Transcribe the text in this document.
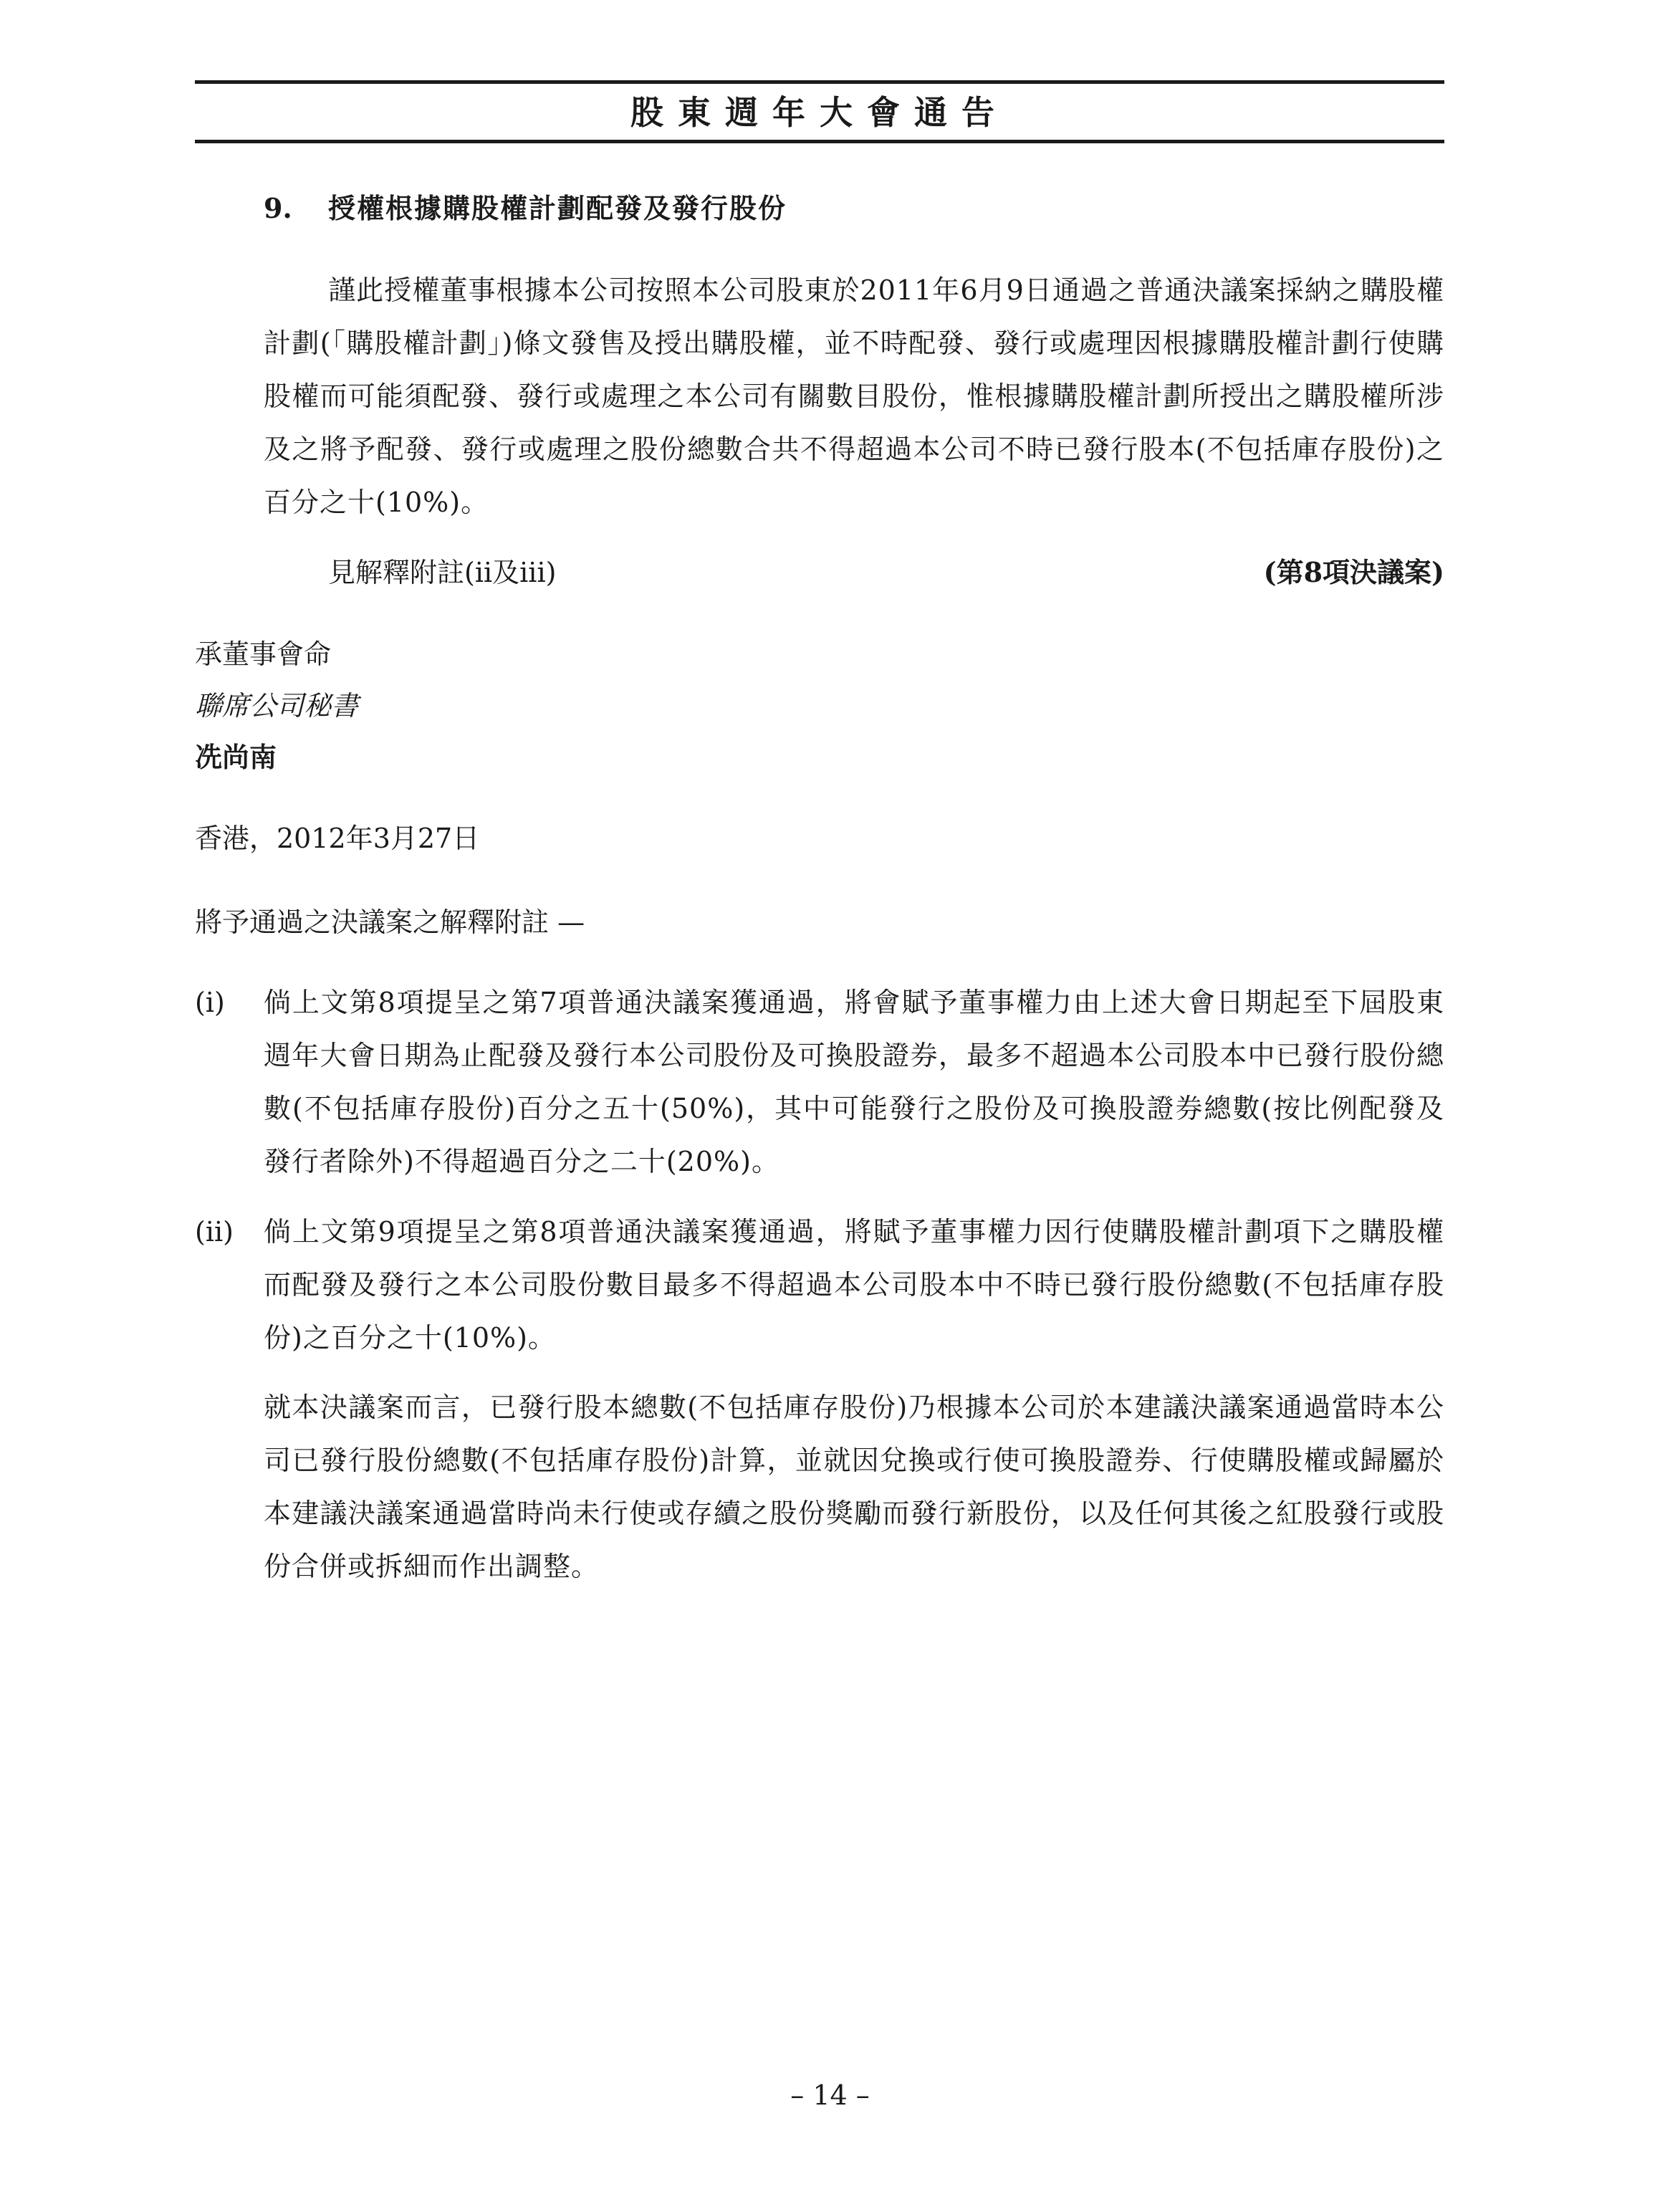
股東週年大會通告
9. 授權根據購股權計劃配發及發行股份
謹此授權董事根據本公司按照本公司股東於2011年6月9日通過之普通決議案採納之購股權計劃(「購股權計劃」)條文發售及授出購股權，並不時配發、發行或處理因根據購股權計劃行使購股權而可能須配發、發行或處理之本公司有關數目股份，惟根據購股權計劃所授出之購股權所涉及之將予配發、發行或處理之股份總數合共不得超過本公司不時已發行股本(不包括庫存股份)之百分之十(10%)。
見解釋附註(ii及iii)	(第8項決議案)
承董事會命
聯席公司秘書
冼尚南
香港，2012年3月27日
將予通過之決議案之解釋附註 —
(i) 倘上文第8項提呈之第7項普通決議案獲通過，將會賦予董事權力由上述大會日期起至下屆股東週年大會日期為止配發及發行本公司股份及可換股證券，最多不超過本公司股本中已發行股份總數(不包括庫存股份)百分之五十(50%)，其中可能發行之股份及可換股證券總數(按比例配發及發行者除外)不得超過百分之二十(20%)。
(ii) 倘上文第9項提呈之第8項普通決議案獲通過，將賦予董事權力因行使購股權計劃項下之購股權而配發及發行之本公司股份數目最多不得超過本公司股本中不時已發行股份總數(不包括庫存股份)之百分之十(10%)。
就本決議案而言，已發行股本總數(不包括庫存股份)乃根據本公司於本建議決議案通過當時本公司已發行股份總數(不包括庫存股份)計算，並就因兌換或行使可換股證券、行使購股權或歸屬於本建議決議案通過當時尚未行使或存續之股份獎勵而發行新股份，以及任何其後之紅股發行或股份合併或拆細而作出調整。
– 14 –
